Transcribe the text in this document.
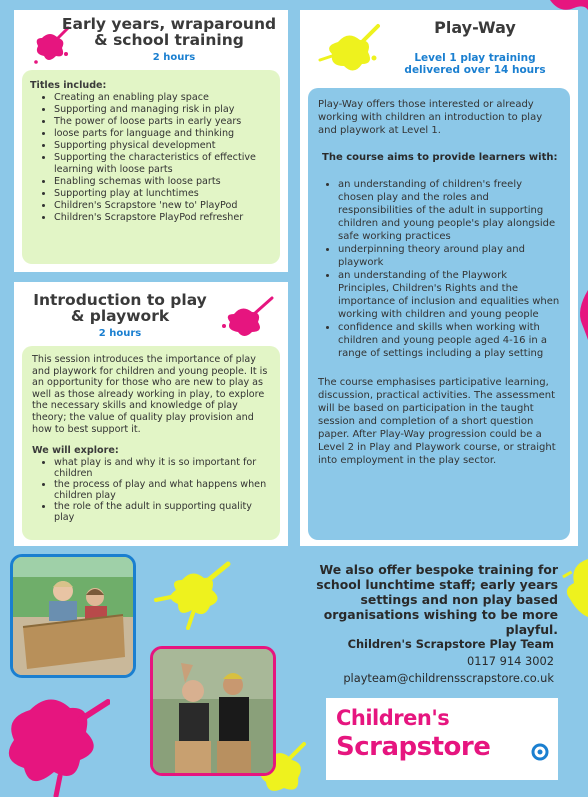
Early years, wraparound
& school training
2 hours
Titles include:
• Creating an enabling play space
• Supporting and managing risk in play
• The power of loose parts in early years
• loose parts for language and thinking
• Supporting physical development
• Supporting the characteristics of effective learning with loose parts
• Enabling schemas with loose parts
• Supporting play at lunchtimes
• Children's Scrapstore 'new to' PlayPod
• Children's Scrapstore PlayPod refresher
Introduction to play
& playwork
2 hours
This session introduces the importance of play and playwork for children and young people. It is an opportunity for those who are new to play as well as those already working in play, to explore the necessary skills and knowledge of play theory; the value of quality play provision and how to best support it.
We will explore:
• what play is and why it is so important for children
• the process of play and what happens when children play
• the role of the adult in supporting quality play
Play-Way
Level 1 play training
delivered over 14 hours
Play-Way offers those interested or already working with children an introduction to play and playwork at Level 1.
The course aims to provide learners with:
• an understanding of children's freely chosen play and the roles and responsibilities of the adult in supporting children and young people's play alongside safe working practices
• underpinning theory around play and playwork
• an understanding of the Playwork Principles, Children's Rights and the importance of inclusion and equalities when working with children and young people
• confidence and skills when working with children and young people aged 4-16 in a range of settings including a play setting
The course emphasises participative learning, discussion, practical activities. The assessment will be based on participation in the taught session and completion of a short question paper. After Play-Way progression could be a Level 2 in Play and Playwork course, or straight into employment in the play sector.
We also offer bespoke training for school lunchtime staff; early years settings and non play based organisations wishing to be more playful.
Children's Scrapstore Play Team
0117 914 3002
playteam@childrensscrapstore.co.uk
Children's
Scrapstore
